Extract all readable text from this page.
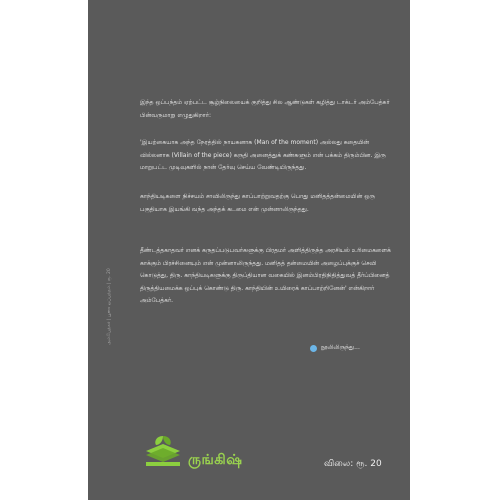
இந்த ஒப்பந்தம் ஏற்பட்ட சூழ்நிலையைக் குறித்து சில ஆண்டுகள் கழித்து டாக்டர் அம்பேத்கர் பின்வருமாறு எழுதுகிறார்:

'இயற்கையாக அந்த நேரத்தில் நாயகனாக (Man of the moment) அல்லது கதையின் வில்லனாக (Villain of the piece) கருதி அனைத்துக் கண்களும் என் பக்கம் திரும்பின. இரு மாறுபட்ட முடிவுகளில் நான் தேர்வு செய்ய வேண்டியிருந்தது.

காந்தியடிகளை நிச்சயம் சாவிலிருந்து காப்பாற்றுவதற்கு பொது மனிதத்தன்மையின் ஒரு பகுதியாக இயங்கி வந்த அந்தக் கடமை என் முன்னாலிருந்தது.

தீண்டத்தகாதவர் எனக் கருதப்படுபவர்களுக்கு பிரதமர் அளித்திருந்த அரசியல் உரிமைகளைக் காக்கும் பிரச்சினையும் என் முன்னாலிருந்தது. மனிதத் தன்மையின் அழைப்புக்குச் செவி கொடுத்து, திரு. காந்தியடிகளுக்கு திருப்தியான வகையில் இனம்பிரதிநிதித்துவத் தீர்ப்பினைத் திருத்தியமைக்க ஒப்புக் கொண்டு திரு. காந்தியின் உயிரைக் காப்பாற்றினேன்' என்கிறார் அம்பேத்கர்.

நூலிலிருந்து...
அம்பேத்கர் | பூனா ஒப்பந்தம் | ரூ. 20
ருங்கிஷ்	விலை: ரூ. 20
